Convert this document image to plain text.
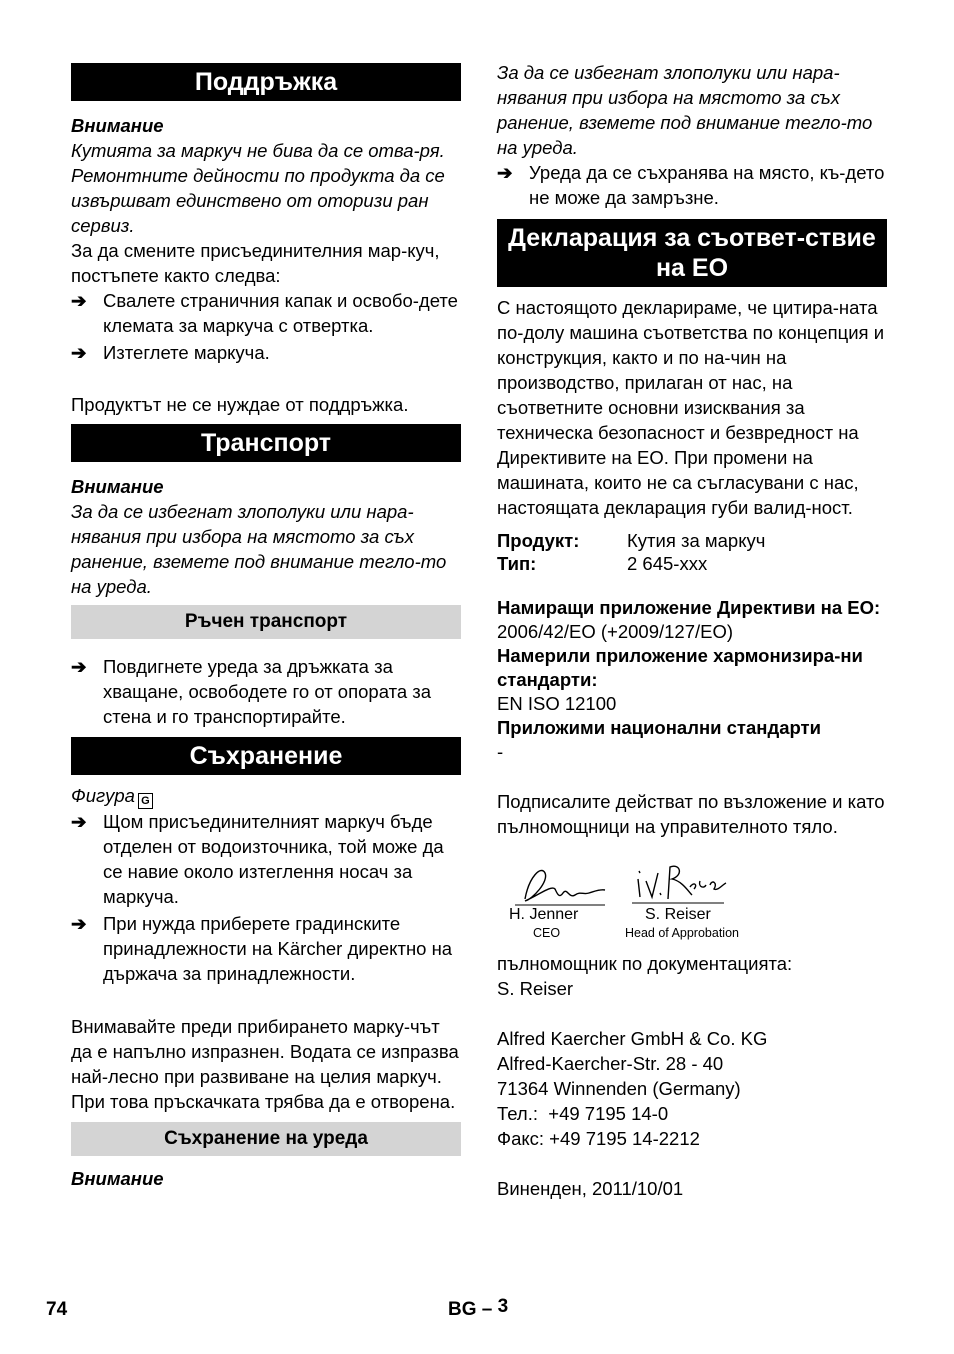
Поддръжка

Внимание

Кутията за маркуч не бива да се отва-ря.

Ремонтните дейности по продукта да се извършват единствено от оторизи ран сервиз.

За да смените присъединителния мар-куч, постъпете както следва:

➔ Свалете страничния капак и освобо-дете клемата за маркуча с отвертка.
➔ Изтеглете маркуча.

Продуктът не се нуждае от поддръжка.

Транспорт

Внимание

За да се избегнат злополуки или нара-нявания при избора на мястото за съх ранение, вземете под внимание тегло-то на уреда.

Ръчен транспорт
➔ Повдигнете уреда за дръжката за хващане, освободете го от опората за стена и го транспортирайте.
Съхранение

Фигура G

➔ Щом присъединителният маркуч бъде отделен от водоизточника, той може да се навие около изтеглення носач за маркуча.
➔ При нужда приберете градинските принадлежности на Kärcher директно на държача за принадлежности.

Внимавайте преди прибирането марку-чът да е напълно изпразнен. Водата се изпразва най-лесно при развиване на целия маркуч. При това пръскачката трябва да е отворена.

Съхранение на уреда

Внимание

За да се избегнат злополуки или нара-нявания при избора на мястото за съх ранение, вземете под внимание тегло-то на уреда.

➔ Уреда да се съхранява на място, къ-дето не може да замръзне.
Декларация за съответ-ствие на ЕО

С настоящото декларираме, че цитира-ната по-долу машина съответства по концепция и конструкция, както и по на-чин на производство, прилаган от нас, на съответните основни изисквания за техническа безопасност и безвредност на Директивите на ЕО. При промени на машината, които не са съгласувани с нас, настоящата декларация губи валид-ност.

Продукт:	Кутия за маркуч
Тип:	2 645-xxx

Намиращи приложение Директиви на ЕО:

2006/42/EO (+2009/127/EO)

Намерили приложение хармонизира-ни стандарти:

EN ISO 12100

Приложими национални стандарти

-

Подписалите действат по възложение и като пълномощници на управителното тяло.

H. Jenner
CEO
S. Reiser
Head of Approbation

пълномощник по документацията:

S. Reiser

Alfred Kaercher GmbH & Co. KG

Alfred-Kaercher-Str. 28 - 40

71364 Winnenden (Germany)

Тел.:  +49 7195 14-0

Факс: +49 7195 14-2212

Виненден, 2011/10/01

74	BG – 3
